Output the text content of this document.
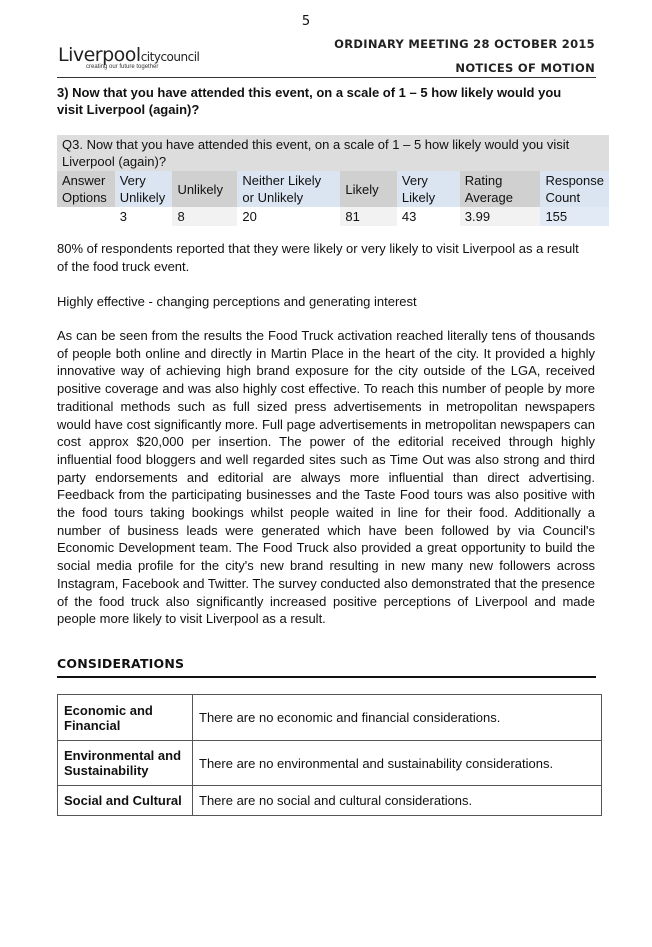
5
Liverpoolcitycouncil
creating our future together
ORDINARY MEETING 28 OCTOBER 2015
NOTICES OF MOTION
3) Now that you have attended this event, on a scale of 1 – 5 how likely would you visit Liverpool (again)?
Q3. Now that you have attended this event, on a scale of 1 – 5 how likely would you visit Liverpool (again)?							
Answer Options	Very Unlikely	Unlikely	Neither Likely or Unlikely	Likely	Very Likely	Rating Average	Response Count
	3	8	20	81	43	3.99	155
80% of respondents reported that they were likely or very likely to visit Liverpool as a result of the food truck event.
Highly effective - changing perceptions and generating interest
As can be seen from the results the Food Truck activation reached literally tens of thousands of people both online and directly in Martin Place in the heart of the city. It provided a highly innovative way of achieving high brand exposure for the city outside of the LGA, received positive coverage and was also highly cost effective. To reach this number of people by more traditional methods such as full sized press advertisements in metropolitan newspapers would have cost significantly more. Full page advertisements in metropolitan newspapers can cost approx $20,000 per insertion. The power of the editorial received through highly influential food bloggers and well regarded sites such as Time Out was also strong and third party endorsements and editorial are always more influential than direct advertising. Feedback from the participating businesses and the Taste Food tours was also positive with the food tours taking bookings whilst people waited in line for their food. Additionally a number of business leads were generated which have been followed by via Council's Economic Development team. The Food Truck also provided a great opportunity to build the social media profile for the city's new brand resulting in new many new followers across Instagram, Facebook and Twitter. The survey conducted also demonstrated that the presence of the food truck also significantly increased positive perceptions of Liverpool and made people more likely to visit Liverpool as a result.
CONSIDERATIONS
Economic and Financial	There are no economic and financial considerations.
Environmental and Sustainability	There are no environmental and sustainability considerations.
Social and Cultural	There are no social and cultural considerations.
